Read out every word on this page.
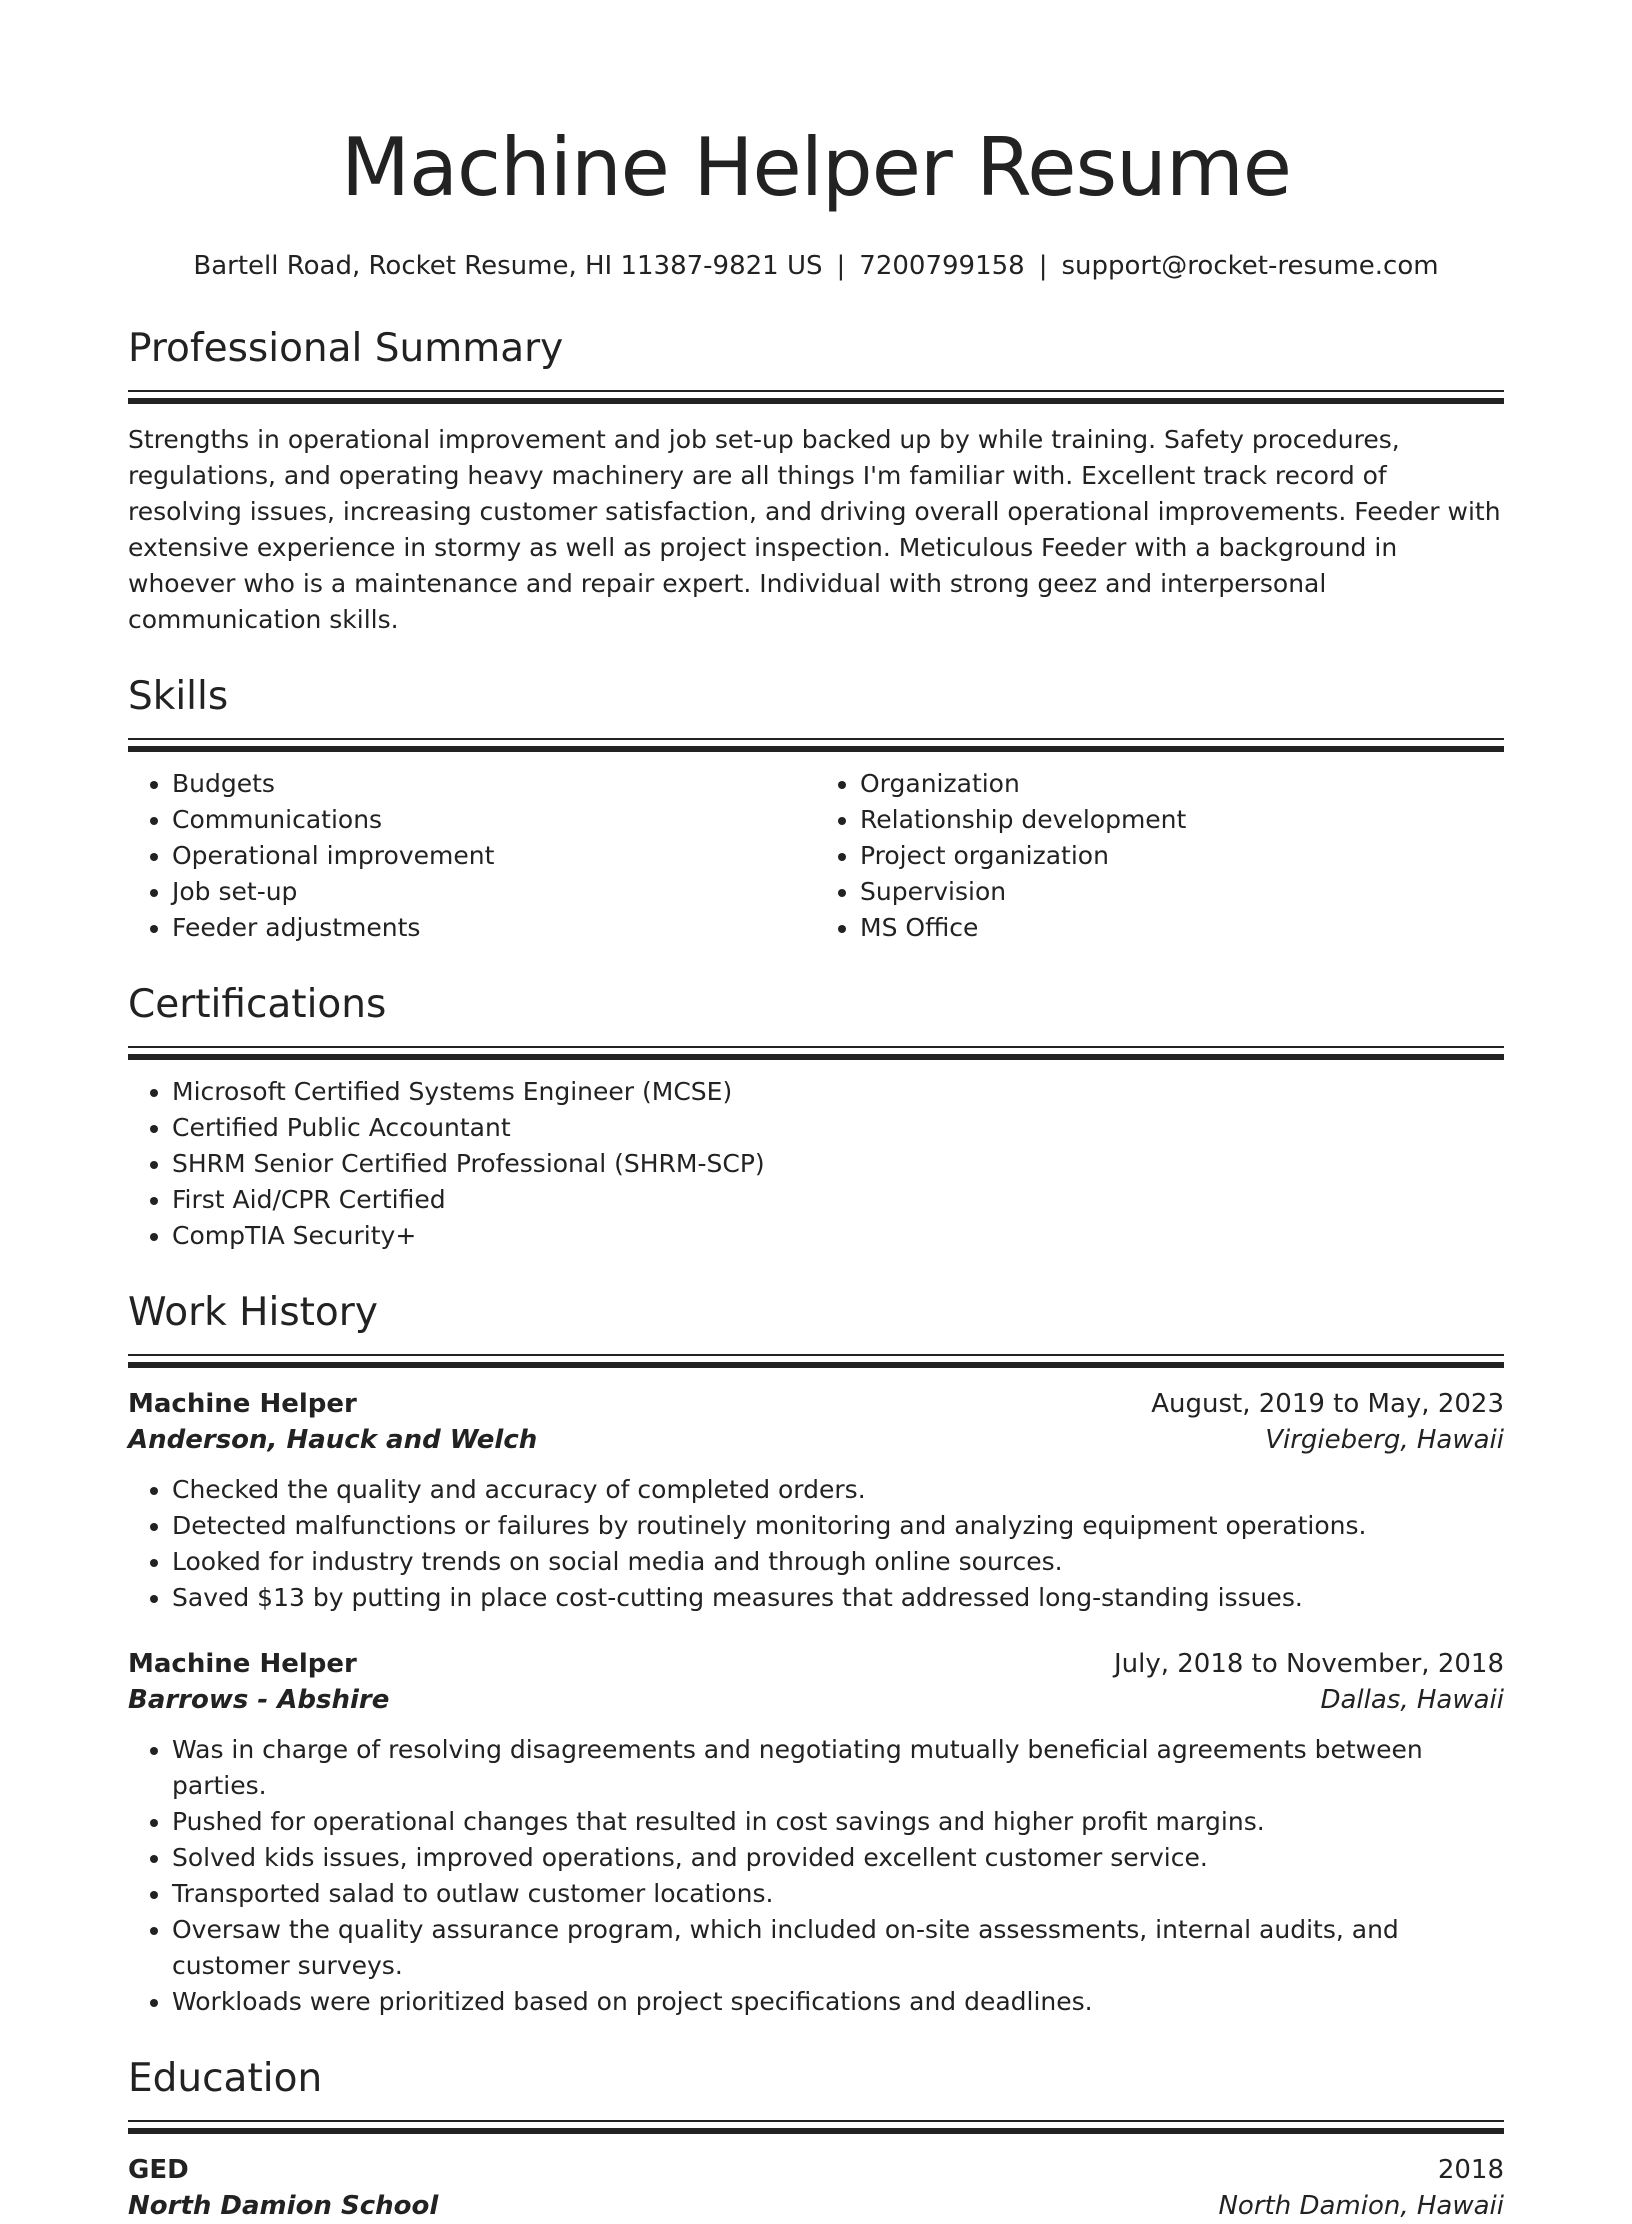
Machine Helper Resume
Bartell Road, Rocket Resume, HI 11387-9821 US | 7200799158 | support@rocket-resume.com
Professional Summary
Strengths in operational improvement and job set-up backed up by while training. Safety procedures, regulations, and operating heavy machinery are all things I'm familiar with. Excellent track record of resolving issues, increasing customer satisfaction, and driving overall operational improvements. Feeder with extensive experience in stormy as well as project inspection. Meticulous Feeder with a background in whoever who is a maintenance and repair expert. Individual with strong geez and interpersonal communication skills.
Skills
• Budgets
• Communications
• Operational improvement
• Job set-up
• Feeder adjustments
• Organization
• Relationship development
• Project organization
• Supervision
• MS Office
Certifications
• Microsoft Certified Systems Engineer (MCSE)
• Certified Public Accountant
• SHRM Senior Certified Professional (SHRM-SCP)
• First Aid/CPR Certified
• CompTIA Security+
Work History
Machine Helper	August, 2019 to May, 2023
Anderson, Hauck and Welch	Virgieberg, Hawaii
• Checked the quality and accuracy of completed orders.
• Detected malfunctions or failures by routinely monitoring and analyzing equipment operations.
• Looked for industry trends on social media and through online sources.
• Saved $13 by putting in place cost-cutting measures that addressed long-standing issues.
Machine Helper	July, 2018 to November, 2018
Barrows - Abshire	Dallas, Hawaii
• Was in charge of resolving disagreements and negotiating mutually beneficial agreements between parties.
• Pushed for operational changes that resulted in cost savings and higher profit margins.
• Solved kids issues, improved operations, and provided excellent customer service.
• Transported salad to outlaw customer locations.
• Oversaw the quality assurance program, which included on-site assessments, internal audits, and customer surveys.
• Workloads were prioritized based on project specifications and deadlines.
Education
GED	2018
North Damion School	North Damion, Hawaii
